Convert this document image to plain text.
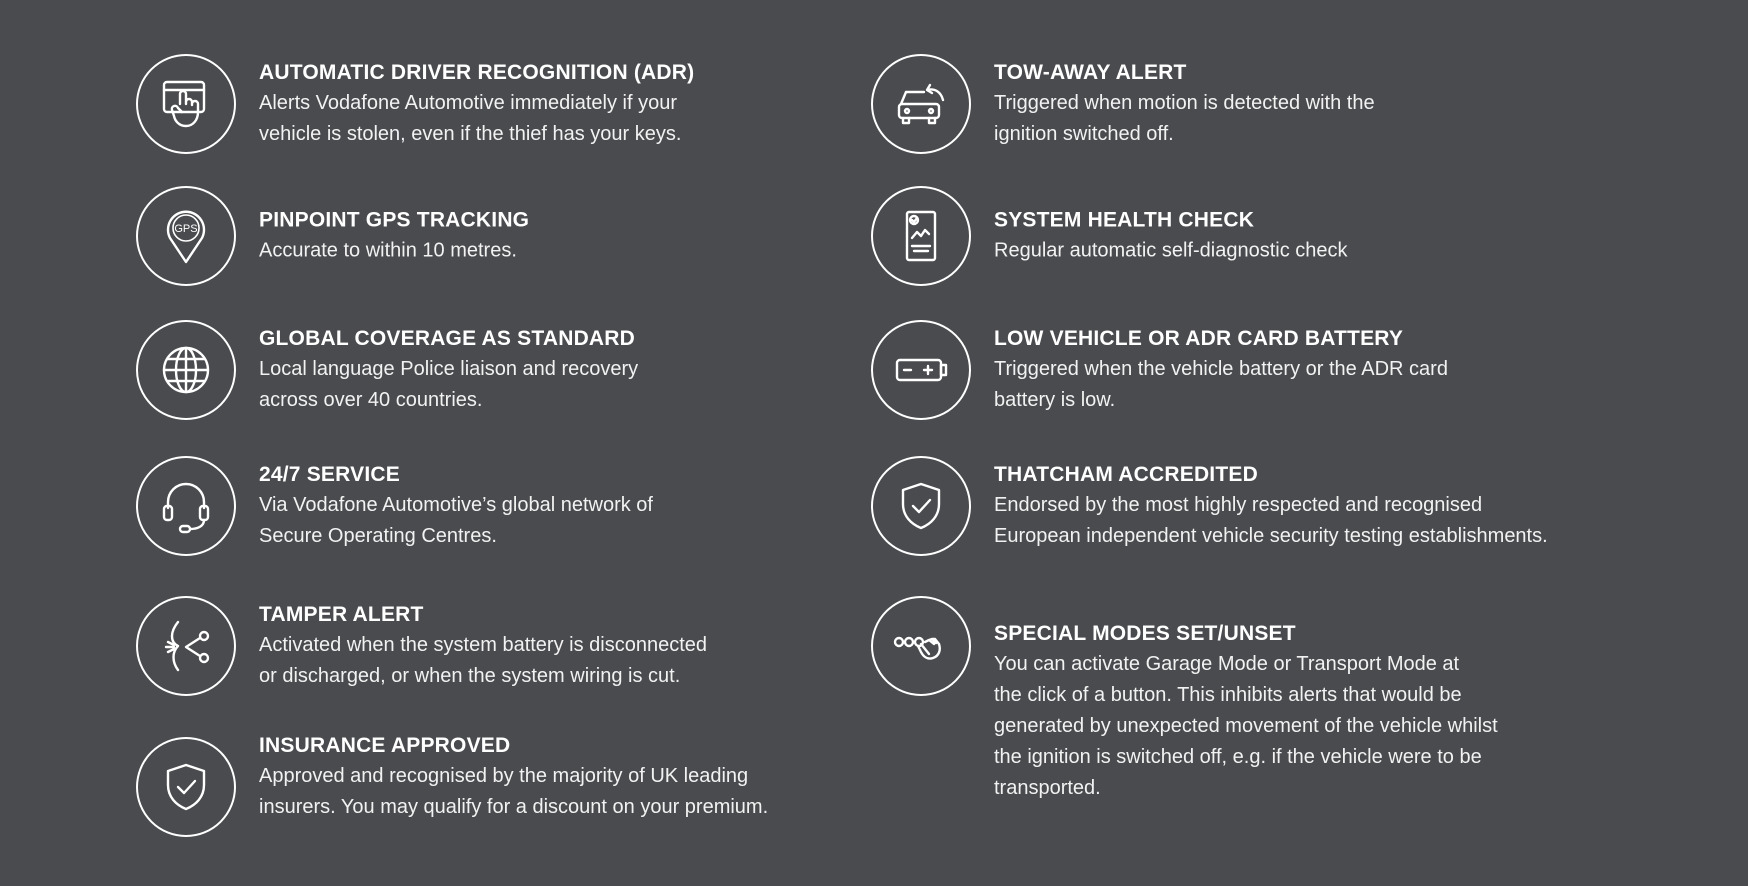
AUTOMATIC DRIVER RECOGNITION (ADR)
Alerts Vodafone Automotive immediately if your
vehicle is stolen, even if the thief has your keys.
GPS	PINPOINT GPS TRACKING
Accurate to within 10 metres.
GLOBAL COVERAGE AS STANDARD
Local language Police liaison and recovery
across over 40 countries.
24/7 SERVICE
Via Vodafone Automotive’s global network of
Secure Operating Centres.
TAMPER ALERT
Activated when the system battery is disconnected
or discharged, or when the system wiring is cut.
INSURANCE APPROVED
Approved and recognised by the majority of UK leading
insurers. You may qualify for a discount on your premium.
TOW-AWAY ALERT
Triggered when motion is detected with the
ignition switched off.
SYSTEM HEALTH CHECK
Regular automatic self-diagnostic check
LOW VEHICLE OR ADR CARD BATTERY
Triggered when the vehicle battery or the ADR card
battery is low.
THATCHAM ACCREDITED
Endorsed by the most highly respected and recognised
European independent vehicle security testing establishments.
SPECIAL MODES SET/UNSET
You can activate Garage Mode or Transport Mode at
the click of a button. This inhibits alerts that would be
generated by unexpected movement of the vehicle whilst
the ignition is switched off, e.g. if the vehicle were to be
transported.
